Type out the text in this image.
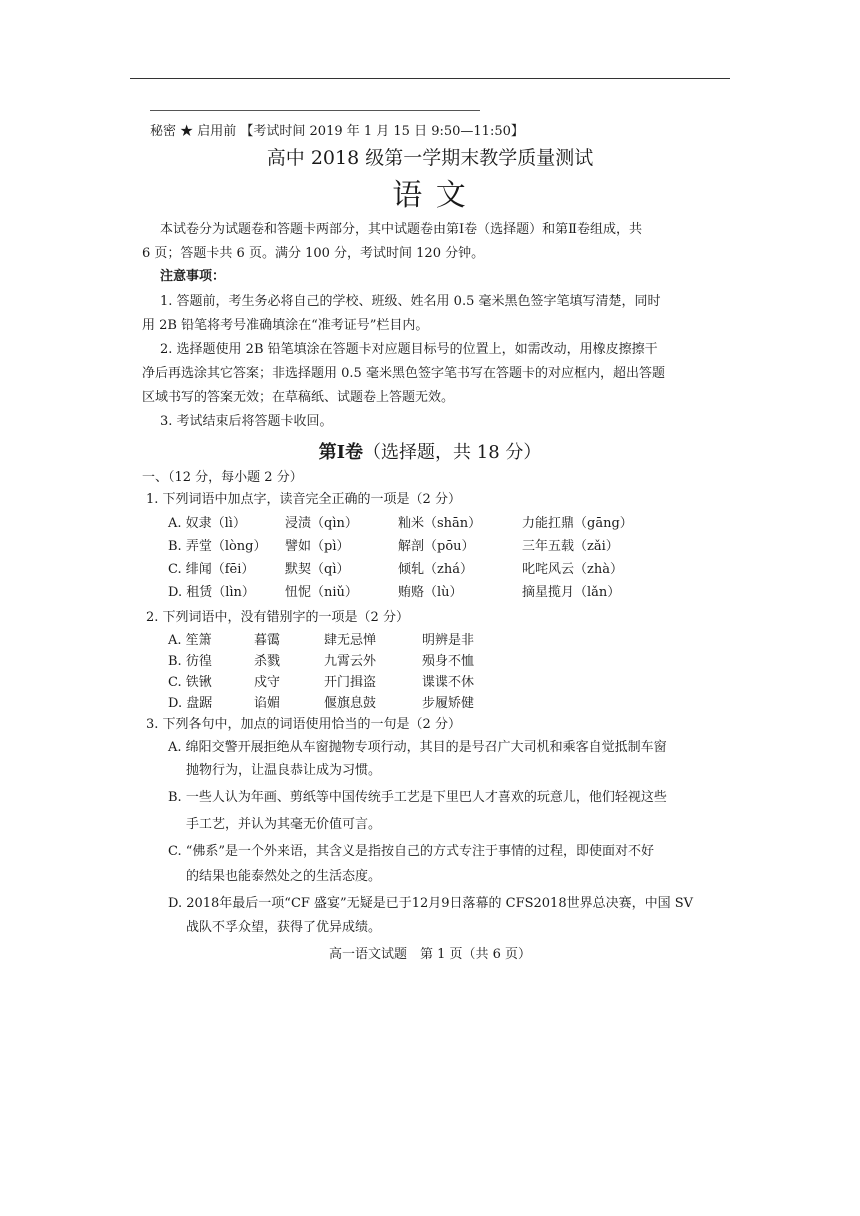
秘密 ★ 启用前 【考试时间 2019 年 1 月 15 日 9:50—11:50】
高中 2018 级第一学期末教学质量测试
语 文
本试卷分为试题卷和答题卡两部分，其中试题卷由第Ⅰ卷（选择题）和第Ⅱ卷组成，共
6 页；答题卡共 6 页。满分 100 分，考试时间 120 分钟。
注意事项：
1. 答题前，考生务必将自己的学校、班级、姓名用 0.5 毫米黑色签字笔填写清楚，同时
用 2B 铅笔将考号准确填涂在“准考证号”栏目内。
2. 选择题使用 2B 铅笔填涂在答题卡对应题目标号的位置上，如需改动，用橡皮擦擦干
净后再选涂其它答案；非选择题用 0.5 毫米黑色签字笔书写在答题卡的对应框内，超出答题
区域书写的答案无效；在草稿纸、试题卷上答题无效。
3. 考试结束后将答题卡收回。
第Ⅰ卷（选择题，共 18 分）
一、（12 分，每小题 2 分）
1. 下列词语中加点字，读音完全正确的一项是（2 分）
A. 奴隶（lì）	浸渍（qìn）	籼米（shān）	力能扛鼎（gāng）
B. 弄堂（lòng） 譬如（pì）	解剖（pōu）	三年五载（zǎi）
C. 绯闻（fēi） 默契（qì）	倾轧（zhá）	叱咤风云（zhà）
D. 租赁（lìn） 忸怩（niǔ）	贿赂（lù）	摘星揽月（lǎn）
2. 下列词语中，没有错别字的一项是（2 分）
A. 笙箫	暮霭	肆无忌惮	明辨是非
B. 彷徨	杀戮	九霄云外	殒身不恤
C. 铁锹	戍守	开门揖盗	谍谍不休
D. 盘踞	谄媚	偃旗息鼓	步履矫健
3. 下列各句中，加点的词语使用恰当的一句是（2 分）
A. 绵阳交警开展拒绝从车窗抛物专项行动，其目的是号召广大司机和乘客自觉抵制车窗
抛物行为，让温良恭让成为习惯。
B. 一些人认为年画、剪纸等中国传统手工艺是下里巴人才喜欢的玩意儿，他们轻视这些
手工艺，并认为其毫无价值可言。
C. “佛系”是一个外来语，其含义是指按自己的方式专注于事情的过程，即使面对不好
的结果也能泰然处之的生活态度。
D. 2018年最后一项“CF 盛宴”无疑是已于12月9日落幕的 CFS2018世界总决赛，中国 SV
战队不孚众望，获得了优异成绩。
高一语文试题　第 1 页（共 6 页）
